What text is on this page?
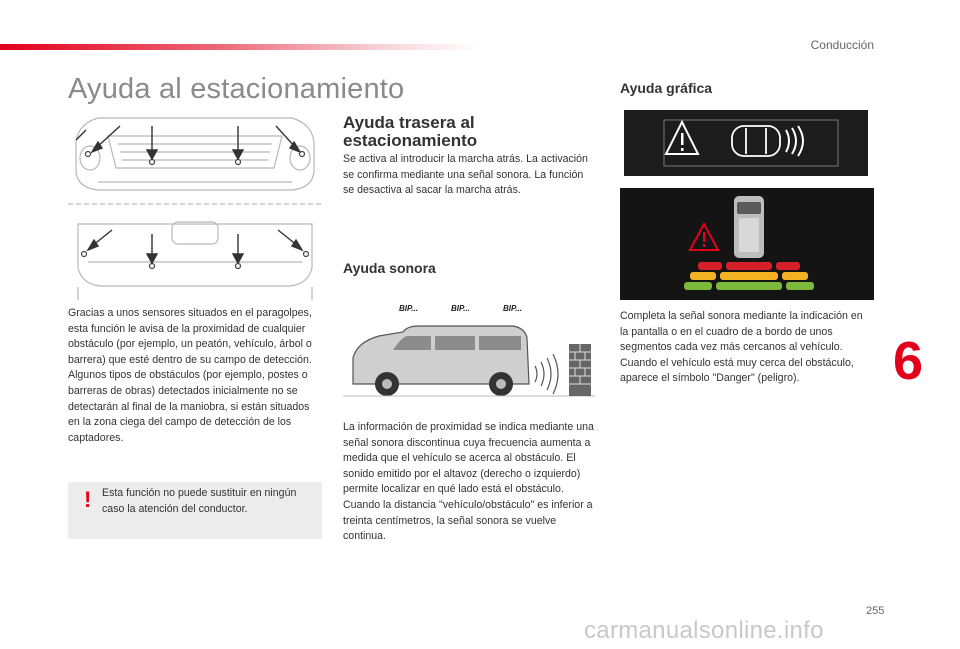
Conducción
Ayuda al estacionamiento
Gracias a unos sensores situados en el paragolpes, esta función le avisa de la proximidad de cualquier obstáculo (por ejemplo, un peatón, vehículo, árbol o barrera) que esté dentro de su campo de detección. Algunos tipos de obstáculos (por ejemplo, postes o barreras de obras) detectados inicialmente no se detectarán al final de la maniobra, si están situados en la zona ciega del campo de detección de los captadores.
! Esta función no puede sustituir en ningún caso la atención del conductor.
Ayuda trasera al estacionamiento
Se activa al introducir la marcha atrás. La activación se confirma mediante una señal sonora. La función se desactiva al sacar la marcha atrás.
Ayuda sonora
BIP...	BIP...	BIP...
La información de proximidad se indica mediante una señal sonora discontinua cuya frecuencia aumenta a medida que el vehículo se acerca al obstáculo. El sonido emitido por el altavoz (derecho o izquierdo) permite localizar en qué lado está el obstáculo. Cuando la distancia "vehículo/obstáculo" es inferior a treinta centímetros, la señal sonora se vuelve continua.
Ayuda gráfica
Completa la señal sonora mediante la indicación en la pantalla o en el cuadro de a bordo de unos segmentos cada vez más cercanos al vehículo. Cuando el vehículo está muy cerca del obstáculo, aparece el símbolo "Danger" (peligro).	6
255
carmanualsonline.info
